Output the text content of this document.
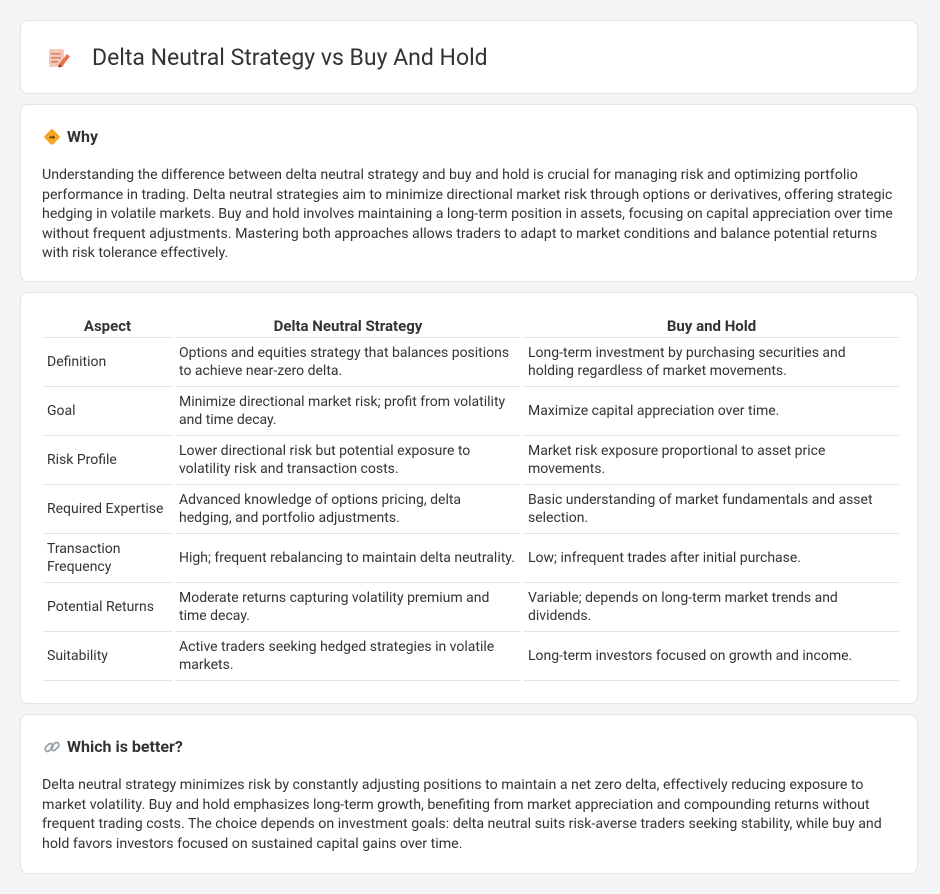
Delta Neutral Strategy vs Buy And Hold
Why

Understanding the difference between delta neutral strategy and buy and hold is crucial for managing risk and optimizing portfolio performance in trading. Delta neutral strategies aim to minimize directional market risk through options or derivatives, offering strategic hedging in volatile markets. Buy and hold involves maintaining a long-term position in assets, focusing on capital appreciation over time without frequent adjustments. Mastering both approaches allows traders to adapt to market conditions and balance potential returns with risk tolerance effectively.

Aspect	Delta Neutral Strategy	Buy and Hold
Definition	Options and equities strategy that balances positions to achieve near-zero delta.	Long-term investment by purchasing securities and holding regardless of market movements.
Goal	Minimize directional market risk; profit from volatility and time decay.	Maximize capital appreciation over time.
Risk Profile	Lower directional risk but potential exposure to volatility risk and transaction costs.	Market risk exposure proportional to asset price movements.
Required Expertise	Advanced knowledge of options pricing, delta hedging, and portfolio adjustments.	Basic understanding of market fundamentals and asset selection.
Transaction Frequency	High; frequent rebalancing to maintain delta neutrality.	Low; infrequent trades after initial purchase.
Potential Returns	Moderate returns capturing volatility premium and time decay.	Variable; depends on long-term market trends and dividends.
Suitability	Active traders seeking hedged strategies in volatile markets.	Long-term investors focused on growth and income.
Which is better?

Delta neutral strategy minimizes risk by constantly adjusting positions to maintain a net zero delta, effectively reducing exposure to market volatility. Buy and hold emphasizes long-term growth, benefiting from market appreciation and compounding returns without frequent trading costs. The choice depends on investment goals: delta neutral suits risk-averse traders seeking stability, while buy and hold favors investors focused on sustained capital gains over time.
